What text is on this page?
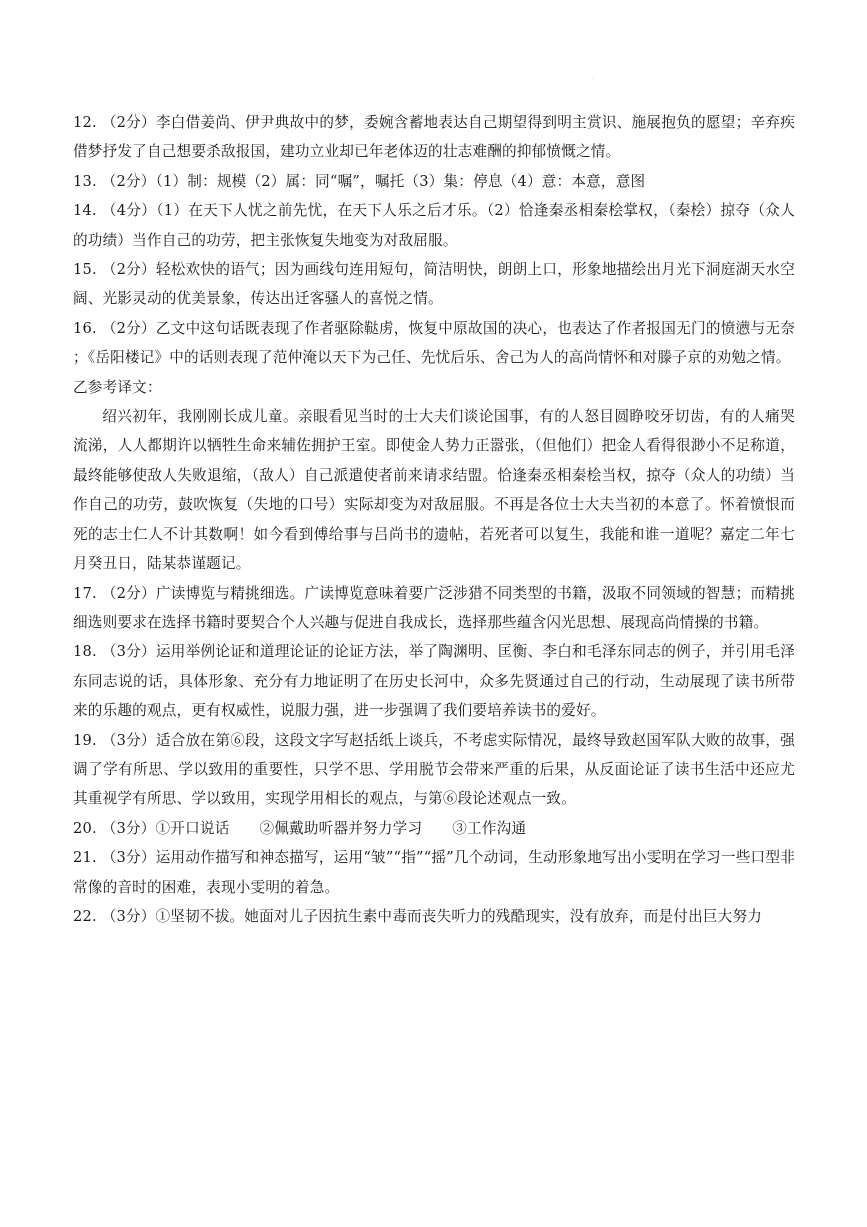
·

12. （2分）李白借姜尚、伊尹典故中的梦，委婉含蓄地表达自己期望得到明主赏识、施展抱负的愿望；辛弃疾借梦抒发了自己想要杀敌报国，建功立业却已年老体迈的壮志难酬的抑郁愤慨之情。

13. （2分）（1）制：规模（2）属：同“嘱”，嘱托（3）集：停息（4）意：本意，意图

14. （4分）（1）在天下人忧之前先忧，在天下人乐之后才乐。（2）恰逢秦丞相秦桧掌权，（秦桧）掠夺（众人的功绩）当作自己的功劳，把主张恢复失地变为对敌屈服。

15. （2分）轻松欢快的语气；因为画线句连用短句，简洁明快，朗朗上口，形象地描绘出月光下洞庭湖天水空阔、光影灵动的优美景象，传达出迁客骚人的喜悦之情。

16. （2分）乙文中这句话既表现了作者驱除鞑虏，恢复中原故国的决心，也表达了作者报国无门的愤懑与无奈；《岳阳楼记》中的话则表现了范仲淹以天下为己任、先忧后乐、舍己为人的高尚情怀和对滕子京的劝勉之情。

乙参考译文：

绍兴初年，我刚刚长成儿童。亲眼看见当时的士大夫们谈论国事，有的人怒目圆睁咬牙切齿，有的人痛哭流涕，人人都期许以牺牲生命来辅佐拥护王室。即使金人势力正嚣张，（但他们）把金人看得很渺小不足称道，最终能够使敌人失败退缩，（敌人）自己派遣使者前来请求结盟。恰逢秦丞相秦桧当权，掠夺（众人的功绩）当作自己的功劳，鼓吹恢复（失地的口号）实际却变为对敌屈服。不再是各位士大夫当初的本意了。怀着愤恨而死的志士仁人不计其数啊！如今看到傅给事与吕尚书的遗帖，若死者可以复生，我能和谁一道呢？嘉定二年七月癸丑日，陆某恭谨题记。

17. （2分）广读博览与精挑细选。广读博览意味着要广泛涉猎不同类型的书籍，汲取不同领域的智慧；而精挑细选则要求在选择书籍时要契合个人兴趣与促进自我成长，选择那些蕴含闪光思想、展现高尚情操的书籍。

18. （3分）运用举例论证和道理论证的论证方法，举了陶渊明、匡衡、李白和毛泽东同志的例子，并引用毛泽东同志说的话，具体形象、充分有力地证明了在历史长河中，众多先贤通过自己的行动，生动展现了读书所带来的乐趣的观点，更有权威性，说服力强，进一步强调了我们要培养读书的爱好。

19. （3分）适合放在第⑥段，这段文字写赵括纸上谈兵，不考虑实际情况，最终导致赵国军队大败的故事，强调了学有所思、学以致用的重要性，只学不思、学用脱节会带来严重的后果，从反面论证了读书生活中还应尤其重视学有所思、学以致用，实现学用相长的观点，与第⑥段论述观点一致。

20. （3分）①开口说话 ②佩戴助听器并努力学习 ③工作沟通

21. （3分）运用动作描写和神态描写，运用“皱”“指”“摇”几个动词，生动形象地写出小雯明在学习一些口型非常像的音时的困难，表现小雯明的着急。

22. （3分）①坚韧不拔。她面对儿子因抗生素中毒而丧失听力的残酷现实，没有放弃，而是付出巨大努力
